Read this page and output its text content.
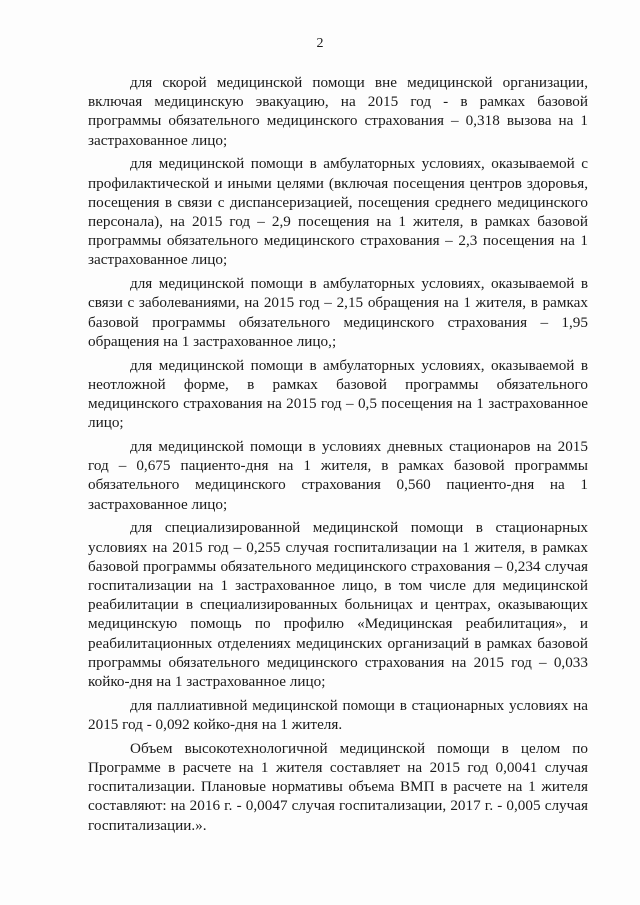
2

для скорой медицинской помощи вне медицинской организации, включая медицинскую эвакуацию, на 2015 год - в рамках базовой программы обязательного медицинского страхования – 0,318 вызова на 1 застрахованное лицо;

для медицинской помощи в амбулаторных условиях, оказываемой с профилактической и иными целями (включая посещения центров здоровья, посещения в связи с диспансеризацией, посещения среднего медицинского персонала), на 2015 год – 2,9 посещения на 1 жителя, в рамках базовой программы обязательного медицинского страхования – 2,3 посещения на 1 застрахованное лицо;

для медицинской помощи в амбулаторных условиях, оказываемой в связи с заболеваниями, на 2015 год – 2,15 обращения на 1 жителя, в рамках базовой программы обязательного медицинского страхования – 1,95 обращения на 1 застрахованное лицо,;

для медицинской помощи в амбулаторных условиях, оказываемой в неотложной форме, в рамках базовой программы обязательного медицинского страхования на 2015 год – 0,5 посещения на 1 застрахованное лицо;

для медицинской помощи в условиях дневных стационаров на 2015 год – 0,675 пациенто-дня на 1 жителя, в рамках базовой программы обязательного медицинского страхования 0,560 пациенто-дня на 1 застрахованное лицо;

для специализированной медицинской помощи в стационарных условиях на 2015 год – 0,255 случая госпитализации на 1 жителя, в рамках базовой программы обязательного медицинского страхования – 0,234 случая госпитализации на 1 застрахованное лицо, в том числе для медицинской реабилитации в специализированных больницах и центрах, оказывающих медицинскую помощь по профилю «Медицинская реабилитация», и реабилитационных отделениях медицинских организаций в рамках базовой программы обязательного медицинского страхования на 2015 год – 0,033 койко-дня на 1 застрахованное лицо;

для паллиативной медицинской помощи в стационарных условиях на 2015 год - 0,092 койко-дня на 1 жителя.

Объем высокотехнологичной медицинской помощи в целом по Программе в расчете на 1 жителя составляет на 2015 год 0,0041 случая госпитализации. Плановые нормативы объема ВМП в расчете на 1 жителя составляют: на 2016 г. - 0,0047 случая госпитализации, 2017 г. - 0,005 случая госпитализации.».
